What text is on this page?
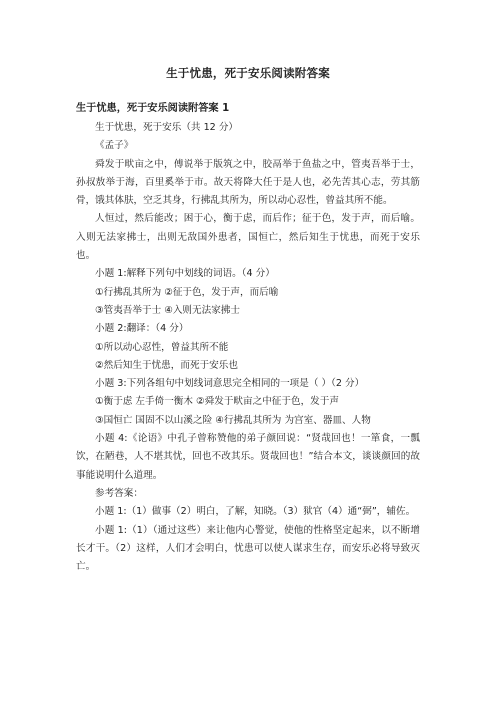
生于忧患，死于安乐阅读附答案
生于忧患，死于安乐阅读附答案 1

生于忧患，死于安乐（共 12 分）

《孟子》

舜发于畎亩之中，傅说举于版筑之中，胶鬲举于鱼盐之中，管夷吾举于士，孙叔敖举于海，百里奚举于市。故天将降大任于是人也，必先苦其心志，劳其筋骨，饿其体肤，空乏其身，行拂乱其所为，所以动心忍性，曾益其所不能。

人恒过，然后能改；困于心，衡于虑，而后作；征于色，发于声，而后喻。入则无法家拂士，出则无敌国外患者，国恒亡，然后知生于忧患，而死于安乐也。

小题 1:解释下列句中划线的词语。（4 分）

①行拂乱其所为 ②征于色，发于声，而后喻

③管夷吾举于士 ④入则无法家拂士

小题 2:翻译：（4 分）

①所以动心忍性，曾益其所不能

②然后知生于忧患，而死于安乐也

小题 3:下列各组句中划线词意思完全相同的一项是（ ）（2 分）

①衡于虑 左手倚一衡木 ②舜发于畎亩之中征于色，发于声

③国恒亡 国固不以山溪之险 ④行拂乱其所为 为宫室、器皿、人物

小题 4:《论语》中孔子曾称赞他的弟子颜回说：“贤哉回也！一箪食，一瓢饮，在陋巷，人不堪其忧，回也不改其乐。贤哉回也！”结合本文，谈谈颜回的故事能说明什么道理。

参考答案：

小题 1:（1）做事（2）明白，了解，知晓。（3）狱官（4）通“弼”，辅佐。

小题 1:（1）（通过这些）来让他内心警觉，使他的性格坚定起来，以不断增长才干。（2）这样，人们才会明白，忧患可以使人谋求生存，而安乐必将导致灭亡。
